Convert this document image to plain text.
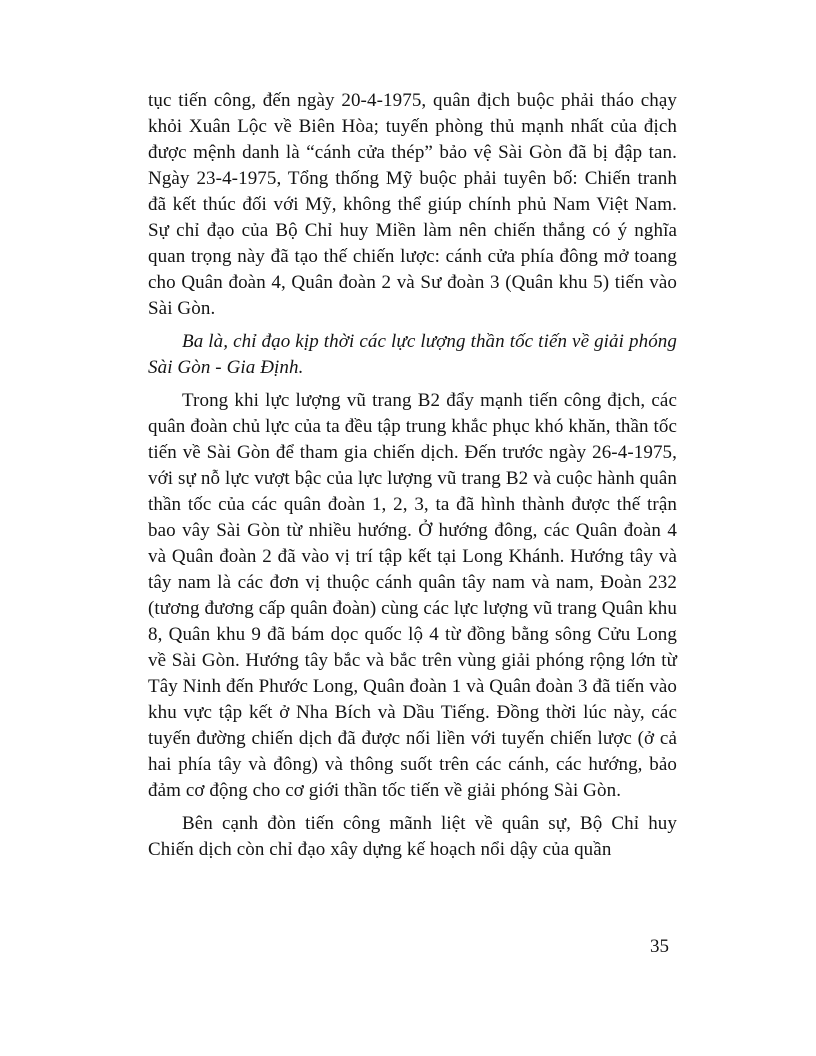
tục tiến công, đến ngày 20-4-1975, quân địch buộc phải tháo chạy khỏi Xuân Lộc về Biên Hòa; tuyến phòng thủ mạnh nhất của địch được mệnh danh là “cánh cửa thép” bảo vệ Sài Gòn đã bị đập tan. Ngày 23-4-1975, Tổng thống Mỹ buộc phải tuyên bố: Chiến tranh đã kết thúc đối với Mỹ, không thể giúp chính phủ Nam Việt Nam. Sự chỉ đạo của Bộ Chỉ huy Miền làm nên chiến thắng có ý nghĩa quan trọng này đã tạo thế chiến lược: cánh cửa phía đông mở toang cho Quân đoàn 4, Quân đoàn 2 và Sư đoàn 3 (Quân khu 5) tiến vào Sài Gòn.

Ba là, chỉ đạo kịp thời các lực lượng thần tốc tiến về giải phóng Sài Gòn - Gia Định.

Trong khi lực lượng vũ trang B2 đẩy mạnh tiến công địch, các quân đoàn chủ lực của ta đều tập trung khắc phục khó khăn, thần tốc tiến về Sài Gòn để tham gia chiến dịch. Đến trước ngày 26-4-1975, với sự nỗ lực vượt bậc của lực lượng vũ trang B2 và cuộc hành quân thần tốc của các quân đoàn 1, 2, 3, ta đã hình thành được thế trận bao vây Sài Gòn từ nhiều hướng. Ở hướng đông, các Quân đoàn 4 và Quân đoàn 2 đã vào vị trí tập kết tại Long Khánh. Hướng tây và tây nam là các đơn vị thuộc cánh quân tây nam và nam, Đoàn 232 (tương đương cấp quân đoàn) cùng các lực lượng vũ trang Quân khu 8, Quân khu 9 đã bám dọc quốc lộ 4 từ đồng bằng sông Cửu Long về Sài Gòn. Hướng tây bắc và bắc trên vùng giải phóng rộng lớn từ Tây Ninh đến Phước Long, Quân đoàn 1 và Quân đoàn 3 đã tiến vào khu vực tập kết ở Nha Bích và Dầu Tiếng. Đồng thời lúc này, các tuyến đường chiến dịch đã được nối liền với tuyến chiến lược (ở cả hai phía tây và đông) và thông suốt trên các cánh, các hướng, bảo đảm cơ động cho cơ giới thần tốc tiến về giải phóng Sài Gòn.

Bên cạnh đòn tiến công mãnh liệt về quân sự, Bộ Chỉ huy Chiến dịch còn chỉ đạo xây dựng kế hoạch nổi dậy của quần

35
